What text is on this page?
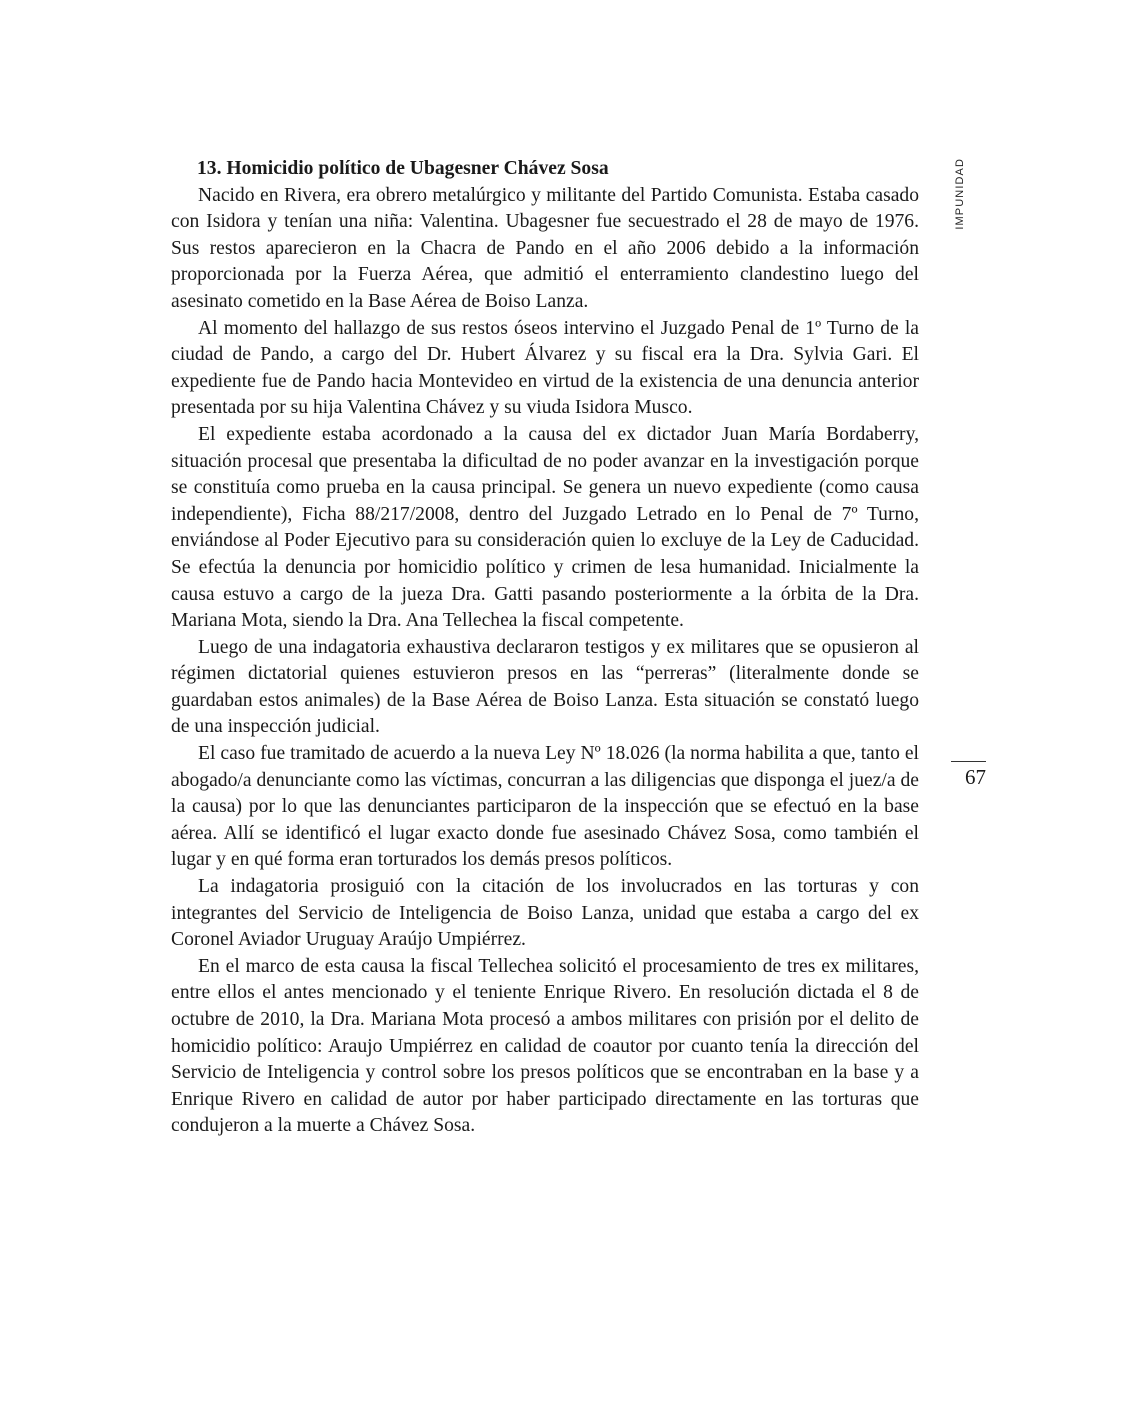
IMPUNIDAD
67

13. Homicidio político de Ubagesner Chávez Sosa

Nacido en Rivera, era obrero metalúrgico y militante del Partido Comunista. Estaba casado con Isidora y tenían una niña: Valentina. Ubagesner fue secuestrado el 28 de mayo de 1976. Sus restos aparecieron en la Chacra de Pando en el año 2006 debido a la información proporcionada por la Fuerza Aérea, que admitió el enterramiento clandestino luego del asesinato cometido en la Base Aérea de Boiso Lanza.

Al momento del hallazgo de sus restos óseos intervino el Juzgado Penal de 1º Turno de la ciudad de Pando, a cargo del Dr. Hubert Álvarez y su fiscal era la Dra. Sylvia Gari. El expediente fue de Pando hacia Montevideo en virtud de la existencia de una denuncia anterior presentada por su hija Valentina Chávez y su viuda Isidora Musco.

El expediente estaba acordonado a la causa del ex dictador Juan María Bordaberry, situación procesal que presentaba la dificultad de no poder avanzar en la investigación porque se constituía como prueba en la causa principal. Se genera un nuevo expediente (como causa independiente), Ficha 88/217/2008, dentro del Juzgado Letrado en lo Penal de 7º Turno, enviándose al Poder Ejecutivo para su consideración quien lo excluye de la Ley de Caducidad. Se efectúa la denuncia por homicidio político y crimen de lesa humanidad. Inicialmente la causa estuvo a cargo de la jueza Dra. Gatti pasando posteriormente a la órbita de la Dra. Mariana Mota, siendo la Dra. Ana Tellechea la fiscal competente.

Luego de una indagatoria exhaustiva declararon testigos y ex militares que se opusieron al régimen dictatorial quienes estuvieron presos en las “perreras” (literalmente donde se guardaban estos animales) de la Base Aérea de Boiso Lanza. Esta situación se constató luego de una inspección judicial.

El caso fue tramitado de acuerdo a la nueva Ley Nº 18.026 (la norma habilita a que, tanto el abogado/a denunciante como las víctimas, concurran a las diligencias que disponga el juez/a de la causa) por lo que las denunciantes participaron de la inspección que se efectuó en la base aérea. Allí se identificó el lugar exacto donde fue asesinado Chávez Sosa, como también el lugar y en qué forma eran torturados los demás presos políticos.

La indagatoria prosiguió con la citación de los involucrados en las torturas y con integrantes del Servicio de Inteligencia de Boiso Lanza, unidad que estaba a cargo del ex Coronel Aviador Uruguay Araújo Umpiérrez.

En el marco de esta causa la fiscal Tellechea solicitó el procesamiento de tres ex militares, entre ellos el antes mencionado y el teniente Enrique Rivero. En resolución dictada el 8 de octubre de 2010, la Dra. Mariana Mota procesó a ambos militares con prisión por el delito de homicidio político: Araujo Umpiérrez en calidad de coautor por cuanto tenía la dirección del Servicio de Inteligencia y control sobre los presos políticos que se encontraban en la base y a Enrique Rivero en calidad de autor por haber participado directamente en las torturas que condujeron a la muerte a Chávez Sosa.
